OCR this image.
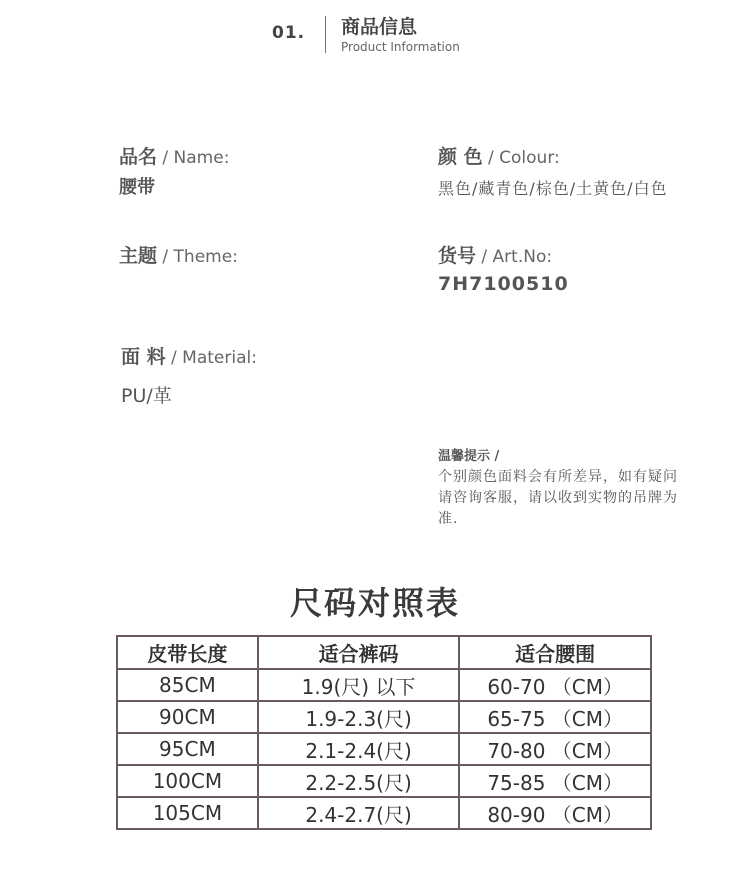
01. 商品信息
Product Information
品名 / Name:
腰带
颜 色 / Colour:
黑色/藏青色/棕色/土黄色/白色
主题 / Theme:	货号 / Art.No:
7H7100510
面 料 / Material:
PU/革
温馨提示 /
个别颜色面料会有所差异，如有疑问请咨询客服，请以收到实物的吊牌为准.
尺码对照表
皮带长度	适合裤码	适合腰围
85CM	1.9(尺) 以下	60-70 （CM）
90CM	1.9-2.3(尺)	65-75 （CM）
95CM	2.1-2.4(尺)	70-80 （CM）
100CM	2.2-2.5(尺)	75-85 （CM）
105CM	2.4-2.7(尺)	80-90 （CM）
